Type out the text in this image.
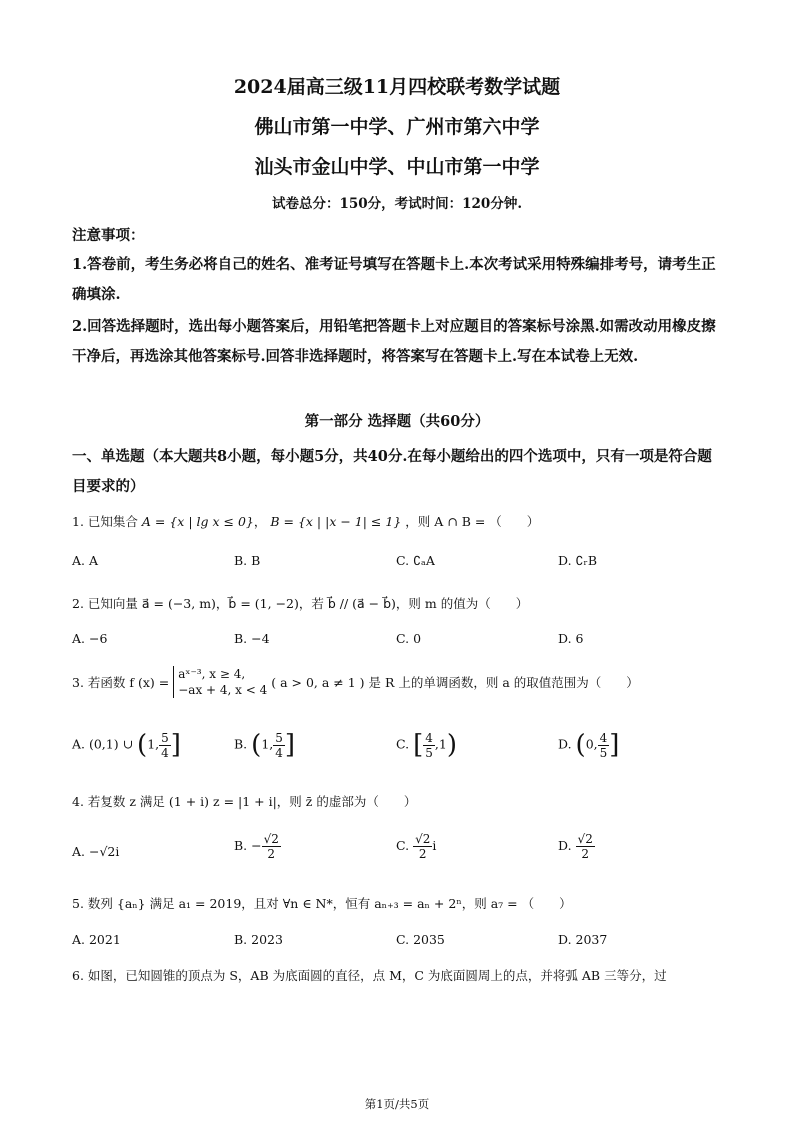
2024届高三级11月四校联考数学试题
佛山市第一中学、广州市第六中学
汕头市金山中学、中山市第一中学
试卷总分：150分，考试时间：120分钟.
注意事项：
1.答卷前，考生务必将自己的姓名、准考证号填写在答题卡上.本次考试采用特殊编排考号，请考生正确填涂.
2.回答选择题时，选出每小题答案后，用铅笔把答题卡上对应题目的答案标号涂黑.如需改动用橡皮擦干净后，再选涂其他答案标号.回答非选择题时，将答案写在答题卡上.写在本试卷上无效.
第一部分 选择题（共60分）
一、单选题（本大题共8小题，每小题5分，共40分.在每小题给出的四个选项中，只有一项是符合题目要求的）
1. 已知集合 A = {x | lg x ≤ 0}， B = {x | |x − 1| ≤ 1} ，则 A ∩ B = （　　）
A. A	B. B	C. ∁ₐA	D. ∁ᵣB
2. 已知向量 a⃗ = (−3, m)，b⃗ = (1, −2)，若 b⃗ // (a⃗ − b⃗)，则 m 的值为（　　）
A. −6	B. −4	C. 0	D. 6
3. 若函数 f (x) =
aˣ⁻³, x ≥ 4,
−ax + 4, x < 4 ( a > 0, a ≠ 1 ) 是 R 上的单调函数，则 a 的取值范围为（　　）
A. (0,1) ∪ (1, $\frac{5}{4}$ ]	B. (1, $\frac{5}{4}$ ]	C. [ $\frac{4}{5} ,1$)	D. (0, $\frac{4}{5}$ ]
4. 若复数 z 满足 (1 + i) z = |1 + i|，则 z̄ 的虚部为（　　）
A. −√2i	B. − $\frac{√2}{2}$	C. $\frac{√2}{2}$ i	D. $\frac{√2}{2}$
5. 数列 {aₙ} 满足 a₁ = 2019，且对 ∀n ∈ N*，恒有 aₙ₊₃ = aₙ + 2ⁿ，则 a₇ = （　　）
A. 2021	B. 2023	C. 2035	D. 2037
6. 如图，已知圆锥的顶点为 S，AB 为底面圆的直径，点 M，C 为底面圆周上的点，并将弧 AB 三等分，过
第1页/共5页
